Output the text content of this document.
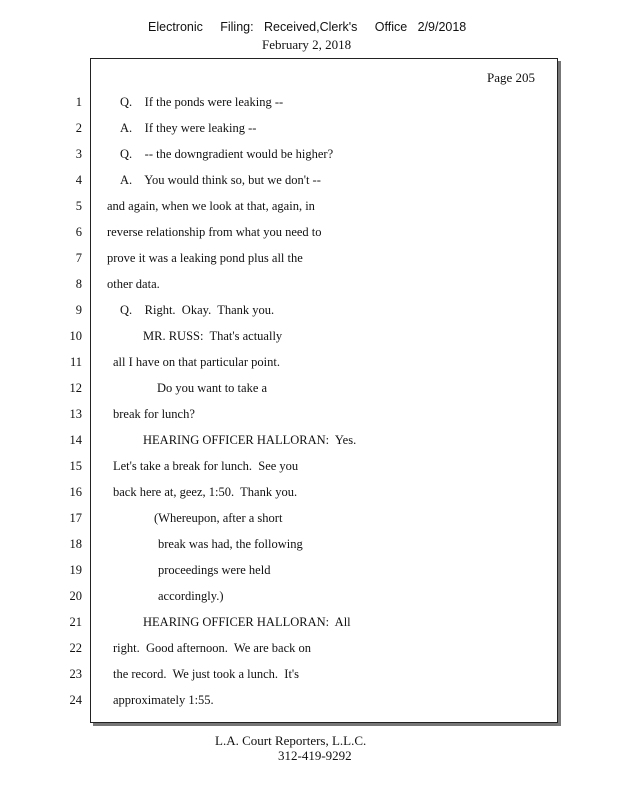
Electronic     Filing:   Received,Clerk's     Office   2/9/2018
February 2, 2018
Page 205
1	Q.    If the ponds were leaking --
2	A.    If they were leaking --
3	Q.    -- the downgradient would be higher?
4	A.    You would think so, but we don't --
5 and again, when we look at that, again, in
6 reverse relationship from what you need to
7 prove it was a leaking pond plus all the
8 other data.
9	Q.    Right.  Okay.  Thank you.
10	MR. RUSS:  That's actually
11 all I have on that particular point.
12	Do you want to take a
13 break for lunch?
14	HEARING OFFICER HALLORAN:  Yes.
15 Let's take a break for lunch.  See you
16 back here at, geez, 1:50.  Thank you.
17	(Whereupon, after a short
18	break was had, the following
19	proceedings were held
20	accordingly.)
21	HEARING OFFICER HALLORAN:  All
22 right.  Good afternoon.  We are back on
23 the record.  We just took a lunch.  It's
24 approximately 1:55.
L.A. Court Reporters, L.L.C.
312-419-9292
